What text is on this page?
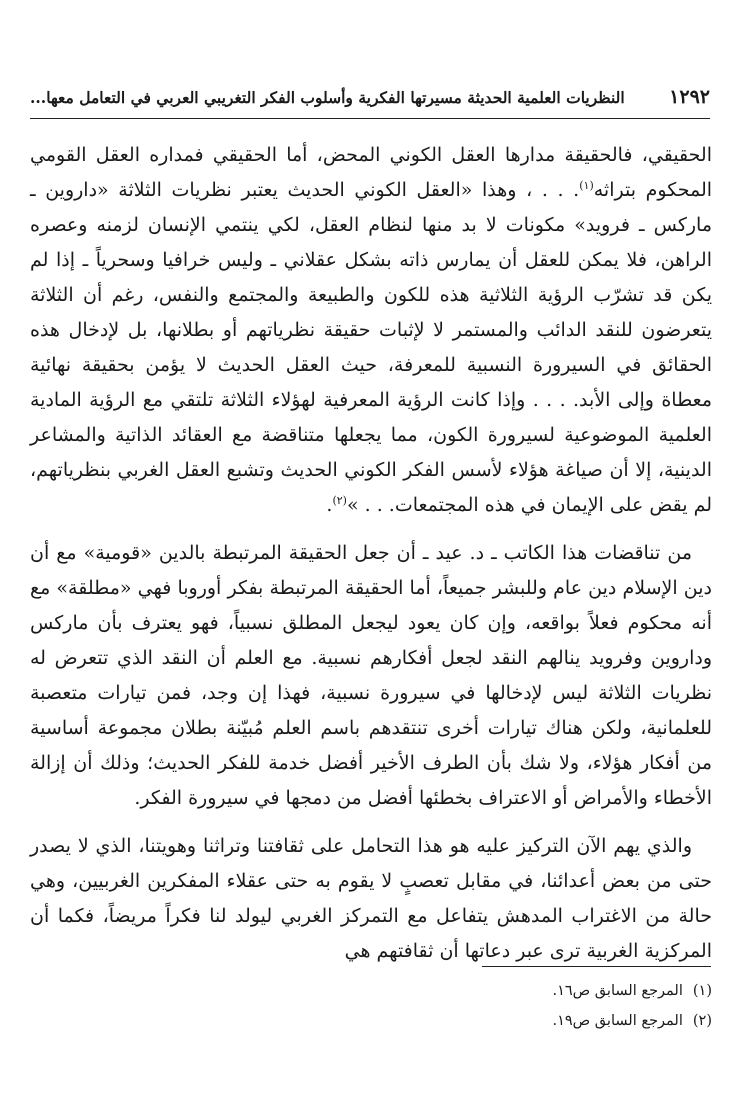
١٢٩٢
النظريات العلمية الحديثة مسيرتها الفكرية وأسلوب الفكر التغريبي العربي في التعامل معها...

الحقيقي، فالحقيقة مدارها العقل الكوني المحض، أما الحقيقي فمداره العقل القومي المحكوم بتراثه$^{(١)}$. . . ، وهذا «العقل الكوني الحديث يعتبر نظريات الثلاثة «داروين ـ ماركس ـ فرويد» مكونات لا بد منها لنظام العقل، لكي ينتمي الإنسان لزمنه وعصره الراهن، فلا يمكن للعقل أن يمارس ذاته بشكل عقلاني ـ وليس خرافيا وسحرياً ـ إذا لم يكن قد تشرّب الرؤية الثلاثية هذه للكون والطبيعة والمجتمع والنفس، رغم أن الثلاثة يتعرضون للنقد الدائب والمستمر لا لإثبات حقيقة نظرياتهم أو بطلانها، بل لإدخال هذه الحقائق في السيرورة النسبية للمعرفة، حيث العقل الحديث لا يؤمن بحقيقة نهائية معطاة وإلى الأبد. . . . وإذا كانت الرؤية المعرفية لهؤلاء الثلاثة تلتقي مع الرؤية المادية العلمية الموضوعية لسيرورة الكون، مما يجعلها متناقضة مع العقائد الذاتية والمشاعر الدينية، إلا أن صياغة هؤلاء لأسس الفكر الكوني الحديث وتشبع العقل الغربي بنظرياتهم، لم يقض على الإيمان في هذه المجتمعات. . . »$^{(٢)}$.

من تناقضات هذا الكاتب ـ د. عيد ـ أن جعل الحقيقة المرتبطة بالدين «قومية» مع أن دين الإسلام دين عام وللبشر جميعاً، أما الحقيقة المرتبطة بفكر أوروبا فهي «مطلقة» مع أنه محكوم فعلاً بواقعه، وإن كان يعود ليجعل المطلق نسبياً، فهو يعترف بأن ماركس وداروين وفرويد ينالهم النقد لجعل أفكارهم نسبية. مع العلم أن النقد الذي تتعرض له نظريات الثلاثة ليس لإدخالها في سيرورة نسبية، فهذا إن وجد، فمن تيارات متعصبة للعلمانية، ولكن هناك تيارات أخرى تنتقدهم باسم العلم مُبيّنة بطلان مجموعة أساسية من أفكار هؤلاء، ولا شك بأن الطرف الأخير أفضل خدمة للفكر الحديث؛ وذلك أن إزالة الأخطاء والأمراض أو الاعتراف بخطئها أفضل من دمجها في سيرورة الفكر.

والذي يهم الآن التركيز عليه هو هذا التحامل على ثقافتنا وتراثنا وهويتنا، الذي لا يصدر حتى من بعض أعدائنا، في مقابل تعصبٍ لا يقوم به حتى عقلاء المفكرين الغربيين، وهي حالة من الاغتراب المدهش يتفاعل مع التمركز الغربي ليولد لنا فكراً مريضاً، فكما أن المركزية الغربية ترى عبر دعاتها أن ثقافتهم هي

(١)
المرجع السابق ص١٦.
(٢)
المرجع السابق ص١٩.
